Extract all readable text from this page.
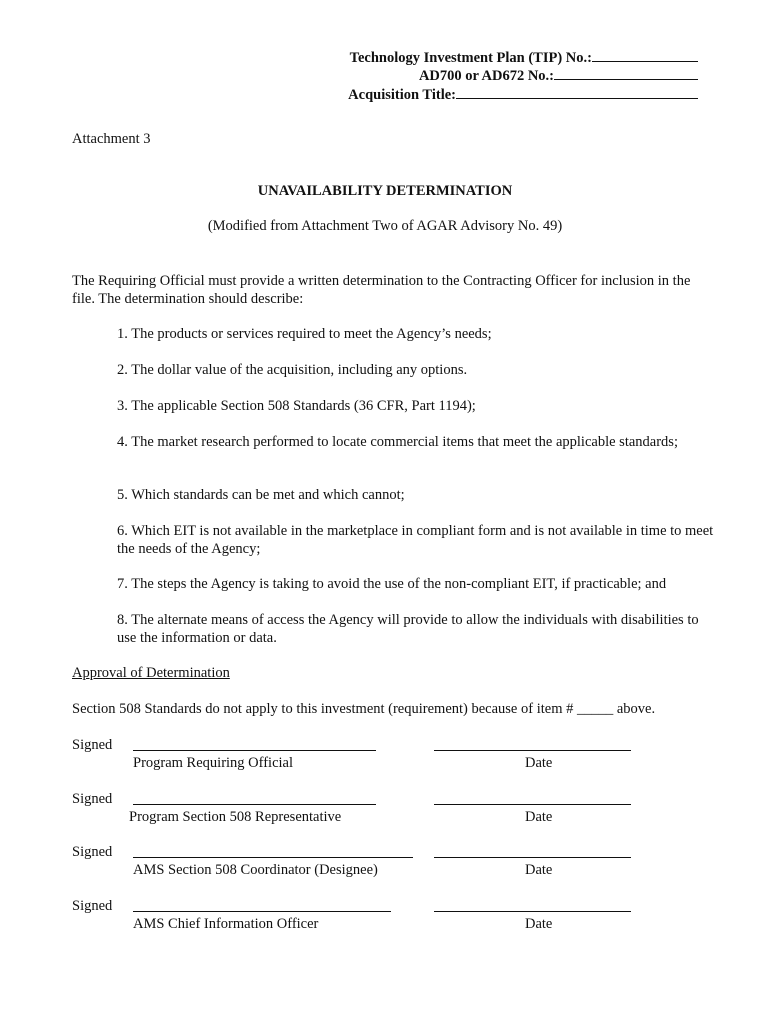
Technology Investment Plan (TIP) No.:
AD700 or AD672 No.:
Acquisition Title:
Attachment 3
UNAVAILABILITY DETERMINATION
(Modified from Attachment Two of AGAR Advisory No. 49)
The Requiring Official must provide a written determination to the Contracting Officer for inclusion in the file. The determination should describe:
1. The products or services required to meet the Agency’s needs;
2. The dollar value of the acquisition, including any options.
3. The applicable Section 508 Standards (36 CFR, Part 1194);
4. The market research performed to locate commercial items that meet the applicable standards;
5. Which standards can be met and which cannot;
6. Which EIT is not available in the marketplace in compliant form and is not available in time to meet the needs of the Agency;
7. The steps the Agency is taking to avoid the use of the non-compliant EIT, if practicable; and
8. The alternate means of access the Agency will provide to allow the individuals with disabilities to use the information or data.
Approval of Determination
Section 508 Standards do not apply to this investment (requirement) because of item # _____ above.
Signed
Program Requiring Official	Date
Signed
Program Section 508 Representative	Date
Signed
AMS Section 508 Coordinator (Designee)	Date
Signed
AMS Chief Information Officer	Date
